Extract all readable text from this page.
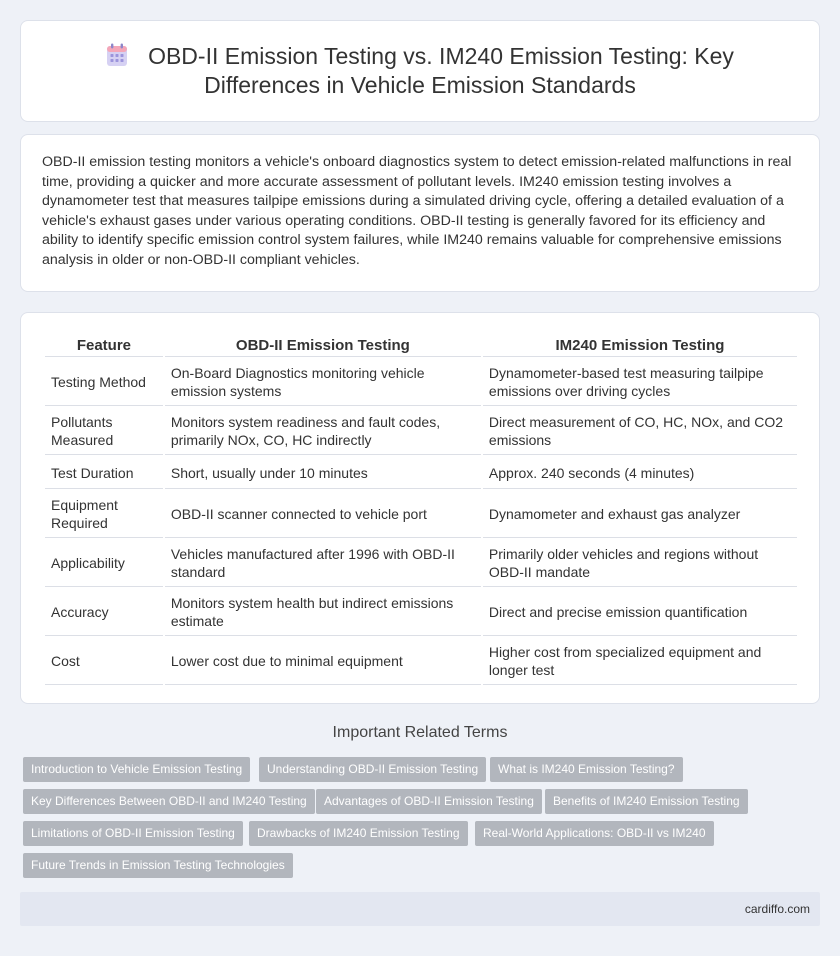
OBD-II Emission Testing vs. IM240 Emission Testing: Key Differences in Vehicle Emission Standards

OBD-II emission testing monitors a vehicle's onboard diagnostics system to detect emission-related malfunctions in real time, providing a quicker and more accurate assessment of pollutant levels. IM240 emission testing involves a dynamometer test that measures tailpipe emissions during a simulated driving cycle, offering a detailed evaluation of a vehicle's exhaust gases under various operating conditions. OBD-II testing is generally favored for its efficiency and ability to identify specific emission control system failures, while IM240 remains valuable for comprehensive emissions analysis in older or non-OBD-II compliant vehicles.

Feature	OBD-II Emission Testing	IM240 Emission Testing
Testing Method	On-Board Diagnostics monitoring vehicle emission systems	Dynamometer-based test measuring tailpipe emissions over driving cycles
Pollutants Measured	Monitors system readiness and fault codes, primarily NOx, CO, HC indirectly	Direct measurement of CO, HC, NOx, and CO2 emissions
Test Duration	Short, usually under 10 minutes	Approx. 240 seconds (4 minutes)
Equipment Required	OBD-II scanner connected to vehicle port	Dynamometer and exhaust gas analyzer
Applicability	Vehicles manufactured after 1996 with OBD-II standard	Primarily older vehicles and regions without OBD-II mandate
Accuracy	Monitors system health but indirect emissions estimate	Direct and precise emission quantification
Cost	Lower cost due to minimal equipment	Higher cost from specialized equipment and longer test
Important Related Terms
Introduction to Vehicle Emission Testing	Understanding OBD-II Emission Testing	What is IM240 Emission Testing?
Key Differences Between OBD-II and IM240 Testing	Advantages of OBD-II Emission Testing	Benefits of IM240 Emission Testing
Limitations of OBD-II Emission Testing	Drawbacks of IM240 Emission Testing	Real-World Applications: OBD-II vs IM240
Future Trends in Emission Testing Technologies
cardiffo.com
